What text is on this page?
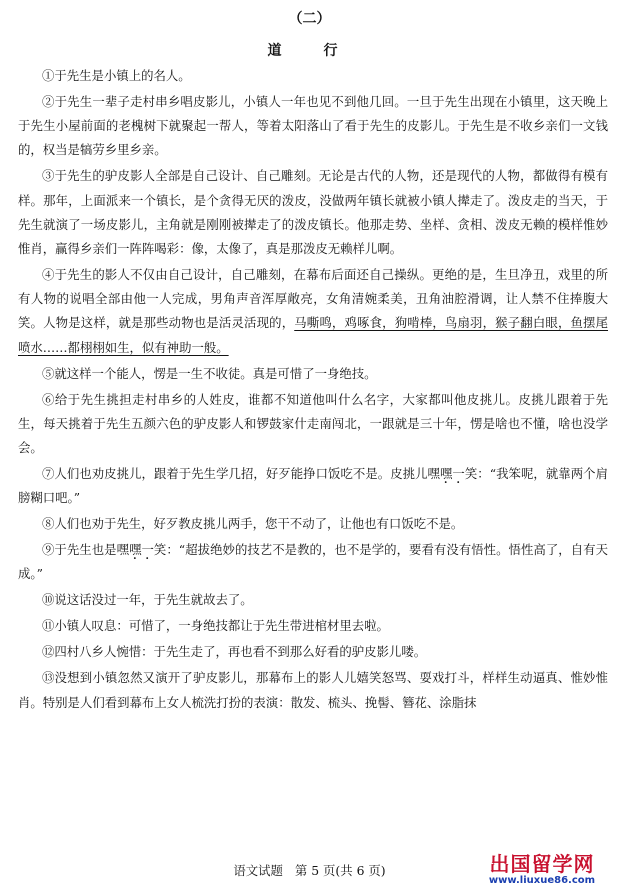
（二）
道　行

①于先生是小镇上的名人。

②于先生一辈子走村串乡唱皮影儿，小镇人一年也见不到他几回。一旦于先生出现在小镇里，这天晚上于先生小屋前面的老槐树下就聚起一帮人，等着太阳落山了看于先生的皮影儿。于先生是不收乡亲们一文钱的，权当是犒劳乡里乡亲。

③于先生的驴皮影人全部是自己设计、自己雕刻。无论是古代的人物，还是现代的人物，都做得有模有样。那年，上面派来一个镇长，是个贪得无厌的泼皮，没做两年镇长就被小镇人撵走了。泼皮走的当天，于先生就演了一场皮影儿，主角就是刚刚被撵走了的泼皮镇长。他那走势、坐样、贪相、泼皮无赖的模样惟妙惟肖，赢得乡亲们一阵阵喝彩：像，太像了，真是那泼皮无赖样儿啊。

④于先生的影人不仅由自己设计，自己雕刻，在幕布后面还自己操纵。更绝的是，生旦净丑，戏里的所有人物的说唱全部由他一人完成，男角声音浑厚敞亮，女角清婉柔美，丑角油腔滑调，让人禁不住捧腹大笑。人物是这样，就是那些动物也是活灵活现的，马嘶鸣，鸡啄食，狗啃棒，鸟扇羽，猴子翻白眼，鱼摆尾喷水……都栩栩如生，似有神助一般。

⑤就这样一个能人，愣是一生不收徒。真是可惜了一身绝技。

⑥给于先生挑担走村串乡的人姓皮，谁都不知道他叫什么名字，大家都叫他皮挑儿。皮挑儿跟着于先生，每天挑着于先生五颜六色的驴皮影人和锣鼓家什走南闯北，一跟就是三十年，愣是啥也不懂，啥也没学会。

⑦人们也劝皮挑儿，跟着于先生学几招，好歹能挣口饭吃不是。皮挑儿嘿嘿一笑：“我笨呢，就靠两个肩膀糊口吧。”

⑧人们也劝于先生，好歹教皮挑儿两手，您干不动了，让他也有口饭吃不是。

⑨于先生也是嘿嘿一笑：“超拔绝妙的技艺不是教的，也不是学的，要看有没有悟性。悟性高了，自有天成。”

⑩说这话没过一年，于先生就故去了。

⑪小镇人叹息：可惜了，一身绝技都让于先生带进棺材里去啦。

⑫四村八乡人惋惜：于先生走了，再也看不到那么好看的驴皮影儿喽。

⑬没想到小镇忽然又演开了驴皮影儿，那幕布上的影人儿嬉笑怒骂、耍戏打斗，样样生动逼真、惟妙惟肖。特别是人们看到幕布上女人梳洗打扮的表演：散发、梳头、挽髻、簪花、涂脂抹

语文试题 第 5 页(共 6 页)	出国留学网
www.liuxue86.com
